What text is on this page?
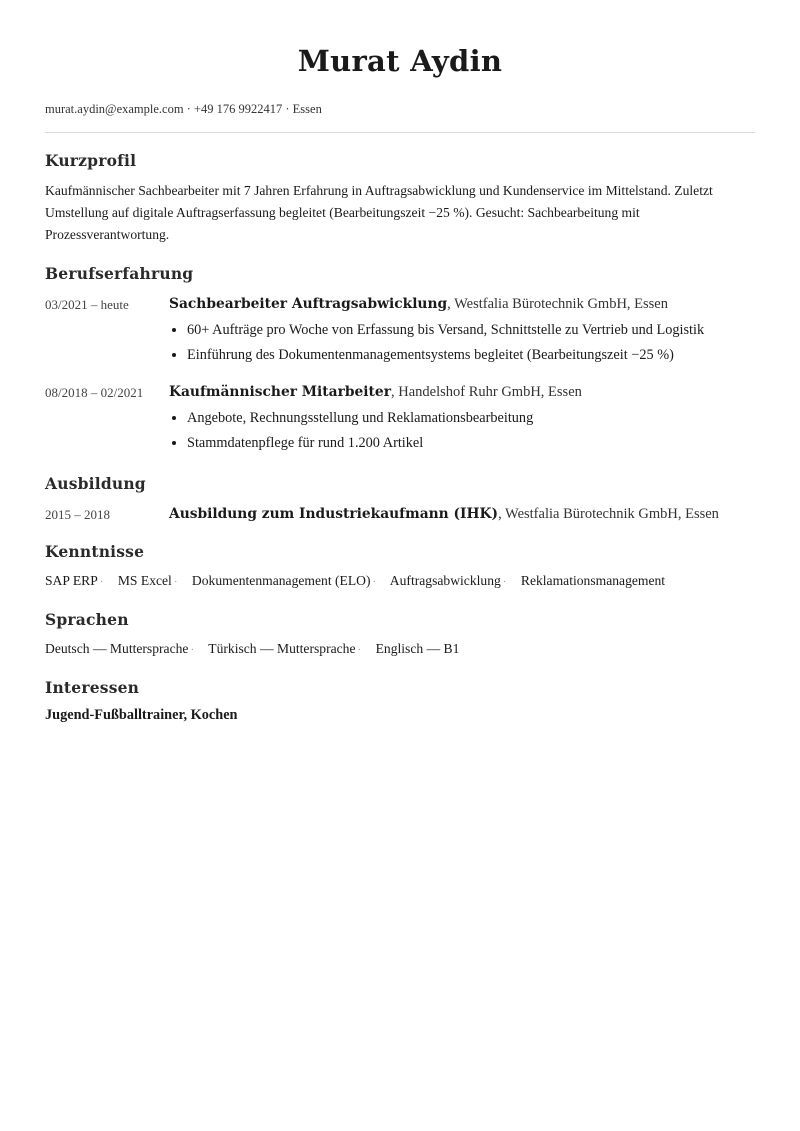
Murat Aydin
murat.aydin@example.com · +49 176 9922417 · Essen
Kurzprofil
Kaufmännischer Sachbearbeiter mit 7 Jahren Erfahrung in Auftragsabwicklung und Kundenservice im Mittelstand. Zuletzt Umstellung auf digitale Auftragserfassung begleitet (Bearbeitungszeit −25 %). Gesucht: Sachbearbeitung mit Prozessverantwortung.
Berufserfahrung
03/2021 – heute	Sachbearbeiter Auftragsabwicklung, Westfalia Bürotechnik GmbH, Essen
• 60+ Aufträge pro Woche von Erfassung bis Versand, Schnittstelle zu Vertrieb und Logistik
• Einführung des Dokumentenmanagementsystems begleitet (Bearbeitungszeit −25 %)
08/2018 – 02/2021	Kaufmännischer Mitarbeiter, Handelshof Ruhr GmbH, Essen
• Angebote, Rechnungsstellung und Reklamationsbearbeitung
• Stammdatenpflege für rund 1.200 Artikel
Ausbildung
2015 – 2018	Ausbildung zum Industriekaufmann (IHK), Westfalia Bürotechnik GmbH, Essen
Kenntnisse
SAP ERP · MS Excel · Dokumentenmanagement (ELO) · Auftragsabwicklung · Reklamationsmanagement
Sprachen
Deutsch — Muttersprache · Türkisch — Muttersprache · Englisch — B1
Interessen
Jugend-Fußballtrainer, Kochen
